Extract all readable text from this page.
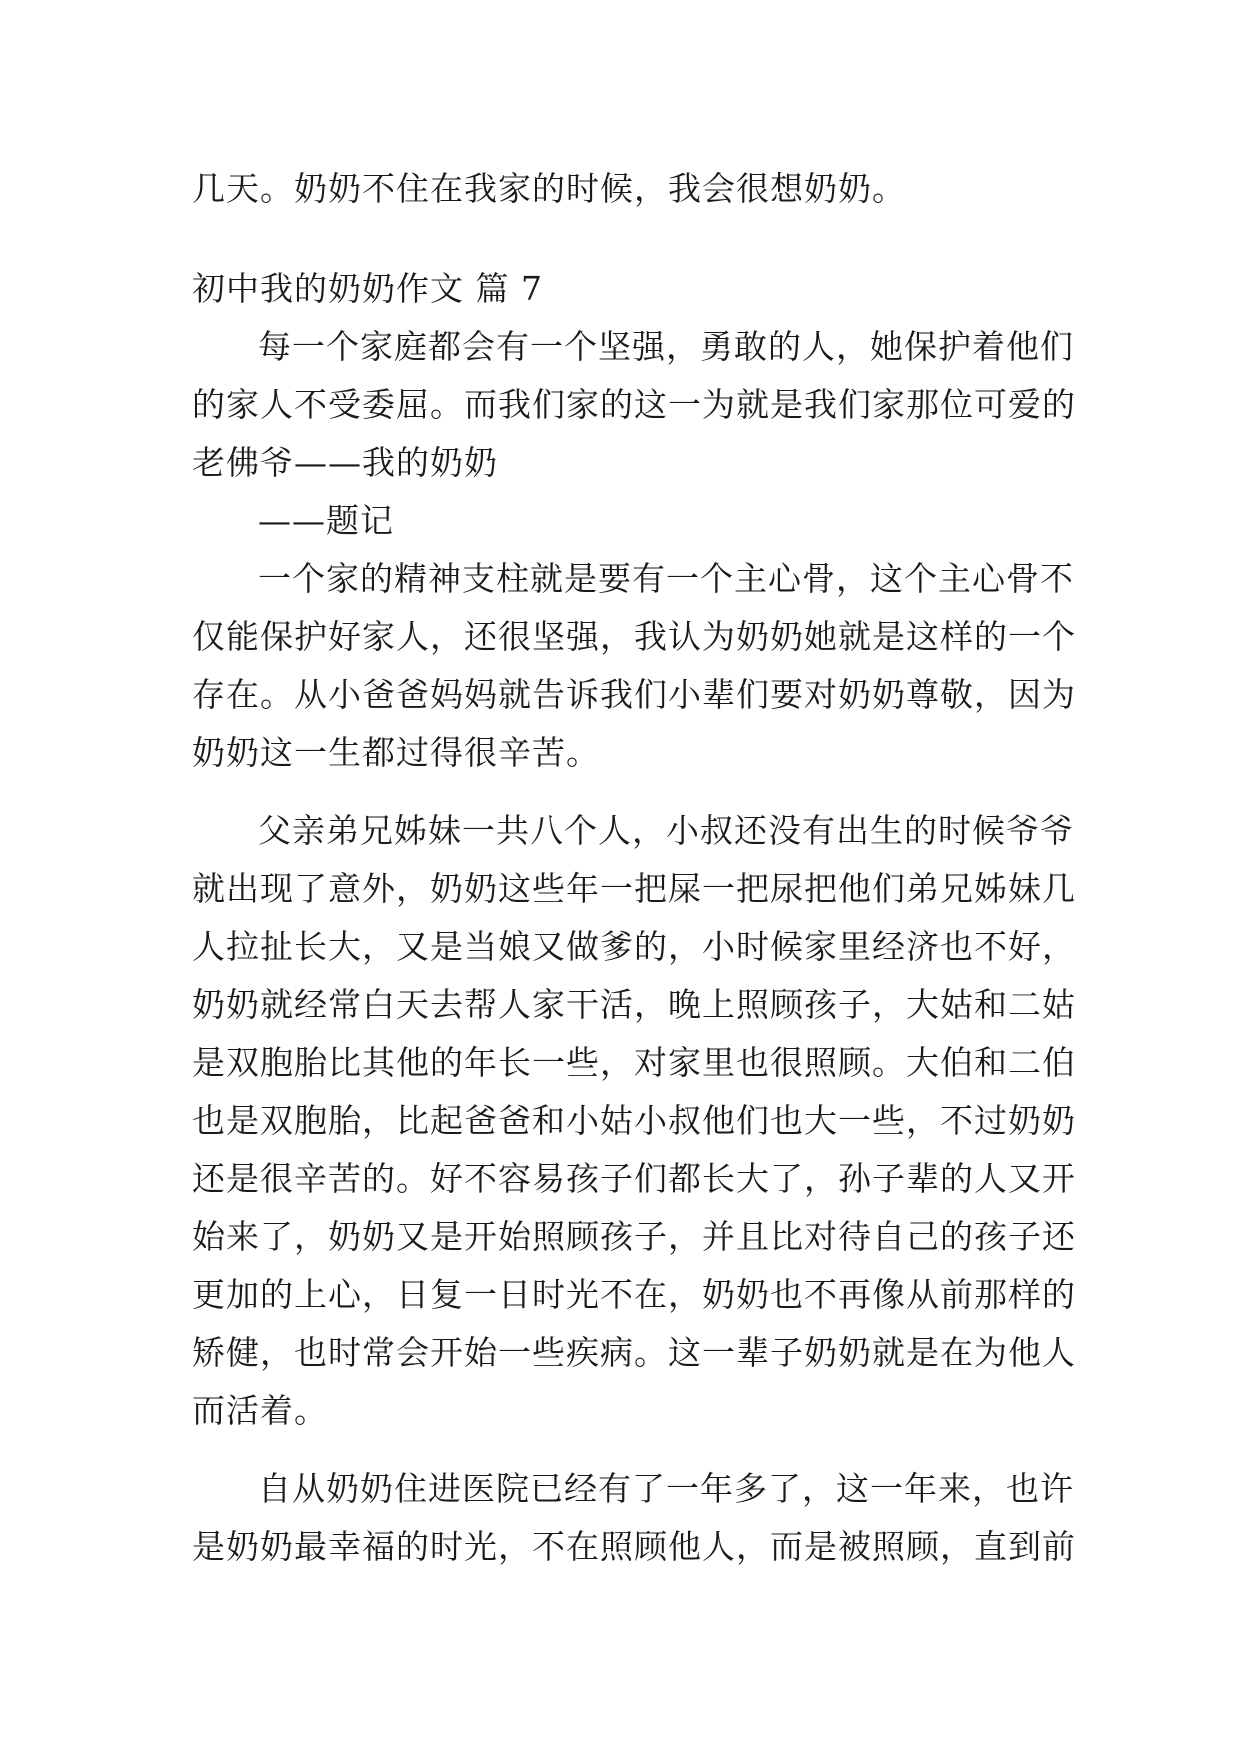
几天。奶奶不住在我家的时候，我会很想奶奶。
初中我的奶奶作文 篇 7
每一个家庭都会有一个坚强，勇敢的人，她保护着他们
的家人不受委屈。而我们家的这一为就是我们家那位可爱的
老佛爷——我的奶奶
——题记
一个家的精神支柱就是要有一个主心骨，这个主心骨不
仅能保护好家人，还很坚强，我认为奶奶她就是这样的一个
存在。从小爸爸妈妈就告诉我们小辈们要对奶奶尊敬，因为
奶奶这一生都过得很辛苦。
父亲弟兄姊妹一共八个人，小叔还没有出生的时候爷爷
就出现了意外，奶奶这些年一把屎一把尿把他们弟兄姊妹几
人拉扯长大，又是当娘又做爹的，小时候家里经济也不好，
奶奶就经常白天去帮人家干活，晚上照顾孩子，大姑和二姑
是双胞胎比其他的年长一些，对家里也很照顾。大伯和二伯
也是双胞胎，比起爸爸和小姑小叔他们也大一些，不过奶奶
还是很辛苦的。好不容易孩子们都长大了，孙子辈的人又开
始来了，奶奶又是开始照顾孩子，并且比对待自己的孩子还
更加的上心，日复一日时光不在，奶奶也不再像从前那样的
矫健，也时常会开始一些疾病。这一辈子奶奶就是在为他人
而活着。
自从奶奶住进医院已经有了一年多了，这一年来，也许
是奶奶最幸福的时光，不在照顾他人，而是被照顾，直到前
